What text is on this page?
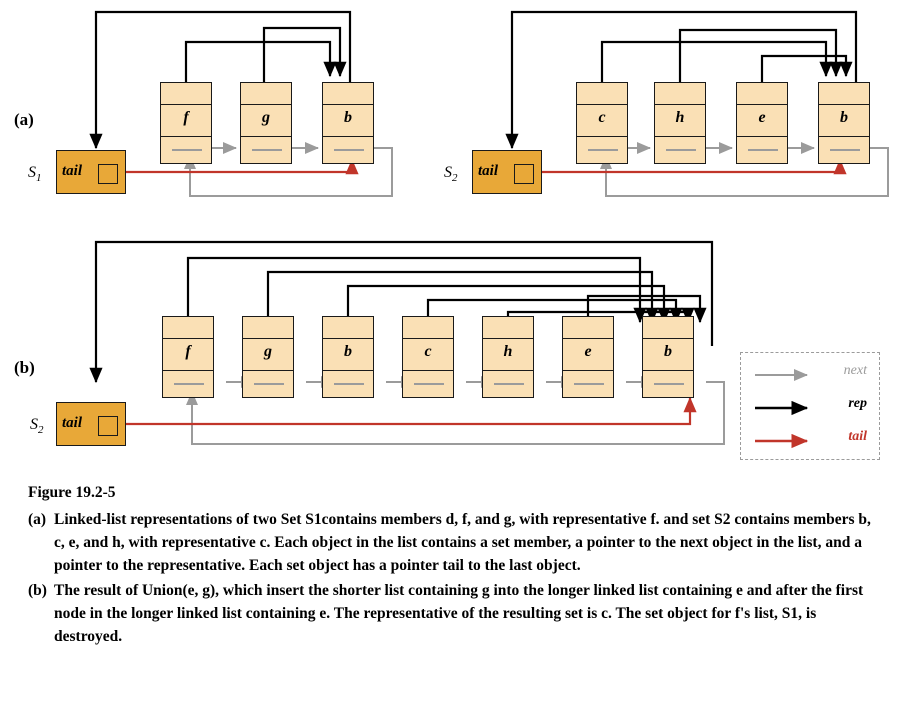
(a)
(b)
$S_1$ tail
f	g	b
$S_2$ tail
c	h	e	b
$S_2$ tail
f	g	b	c	h	e	b
next
rep
tail
Figure 19.2-5
(a) Linked-list representations of two Set S1contains members d, f, and g, with representative f. and set S2 contains members b, c, e, and h, with representative c. Each object in the list contains a set member, a pointer to the next object in the list, and a pointer to the representative. Each set object has a pointer tail to the last object.
(b) The result of Union(e, g), which insert the shorter list containing g into the longer linked list containing e and after the first node in the longer linked list containing e. The representative of the resulting set is c. The set object for f's list, S1, is destroyed.
